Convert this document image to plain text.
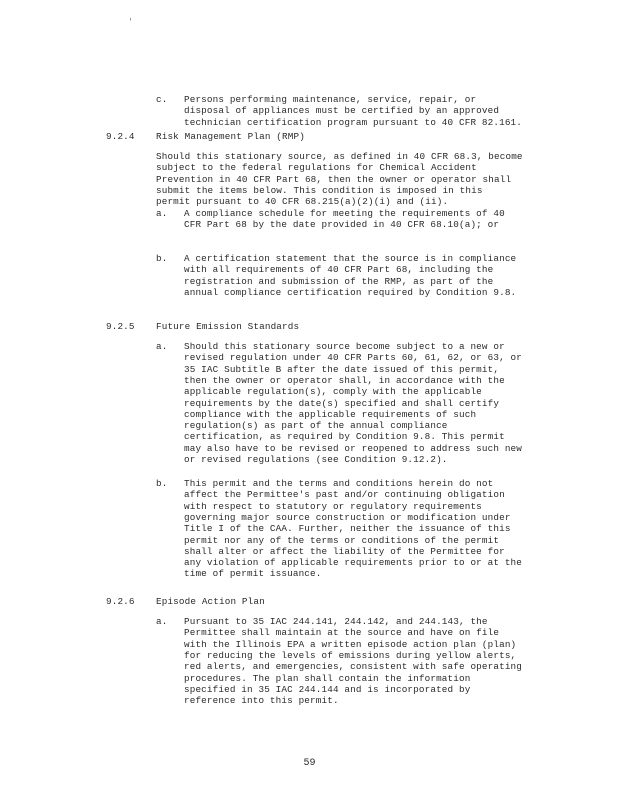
'
c. Persons performing maintenance, service, repair, or
disposal of appliances must be certified by an approved
technician certification program pursuant to 40 CFR 82.161.
9.2.4 Risk Management Plan (RMP)
Should this stationary source, as defined in 40 CFR 68.3, become
subject to the federal regulations for Chemical Accident
Prevention in 40 CFR Part 68, then the owner or operator shall
submit the items below. This condition is imposed in this
permit pursuant to 40 CFR 68.215(a)(2)(i) and (ii).
a. A compliance schedule for meeting the requirements of 40
CFR Part 68 by the date provided in 40 CFR 68.10(a); or
b. A certification statement that the source is in compliance
with all requirements of 40 CFR Part 68, including the
registration and submission of the RMP, as part of the
annual compliance certification required by Condition 9.8.
9.2.5 Future Emission Standards
a. Should this stationary source become subject to a new or
revised regulation under 40 CFR Parts 60, 61, 62, or 63, or
35 IAC Subtitle B after the date issued of this permit,
then the owner or operator shall, in accordance with the
applicable regulation(s), comply with the applicable
requirements by the date(s) specified and shall certify
compliance with the applicable requirements of such
regulation(s) as part of the annual compliance
certification, as required by Condition 9.8. This permit
may also have to be revised or reopened to address such new
or revised regulations (see Condition 9.12.2).
b. This permit and the terms and conditions herein do not
affect the Permittee's past and/or continuing obligation
with respect to statutory or regulatory requirements
governing major source construction or modification under
Title I of the CAA. Further, neither the issuance of this
permit nor any of the terms or conditions of the permit
shall alter or affect the liability of the Permittee for
any violation of applicable requirements prior to or at the
time of permit issuance.
9.2.6 Episode Action Plan
a. Pursuant to 35 IAC 244.141, 244.142, and 244.143, the
Permittee shall maintain at the source and have on file
with the Illinois EPA a written episode action plan (plan)
for reducing the levels of emissions during yellow alerts,
red alerts, and emergencies, consistent with safe operating
procedures. The plan shall contain the information
specified in 35 IAC 244.144 and is incorporated by
reference into this permit.
59
